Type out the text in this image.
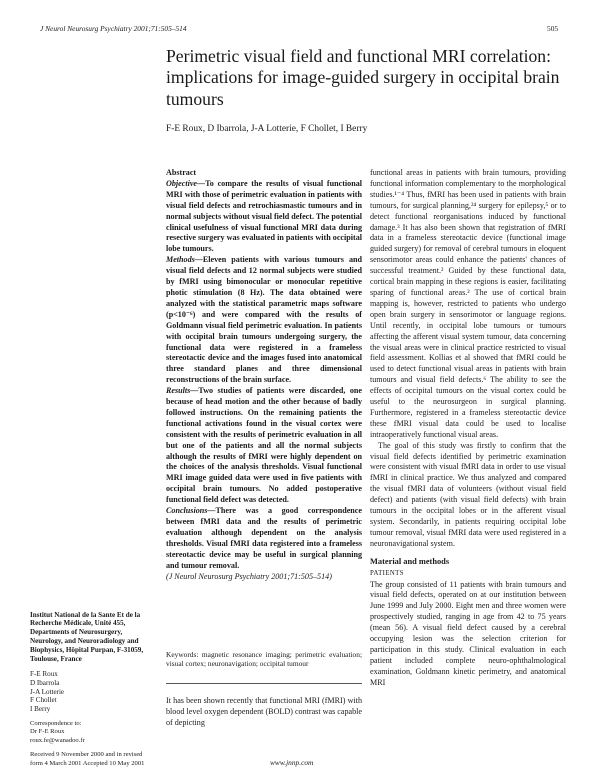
J Neurol Neurosurg Psychiatry 2001;71:505–514	505
Perimetric visual field and functional MRI correlation: implications for image-guided surgery in occipital brain tumours
F-E Roux, D Ibarrola, J-A Lotterie, F Chollet, I Berry
Institut National de la Sante Et de la Recherche Médicale, Unité 455, Departments of Neurosurgery, Neurology, and Neuroradiology and Biophysics, Hôpital Purpan, F-31059, Toulouse, France
F-E Roux
D Ibarrola
J-A Lotterie
F Chollet
I Berry
Correspondence to:
Dr F-E Roux
roux.fe@wanadoo.fr
Received 9 November 2000 and in revised form 4 March 2001 Accepted 10 May 2001
Abstract
Objective—To compare the results of visual functional MRI with those of perimetric evaluation in patients with visual field defects and retrochiasmastic tumours and in normal subjects without visual field defect. The potential clinical usefulness of visual functional MRI data during resective surgery was evaluated in patients with occipital lobe tumours.
Methods—Eleven patients with various tumours and visual field defects and 12 normal subjects were studied by fMRI using bimonocular or monocular repetitive photic stimulation (8 Hz). The data obtained were analyzed with the statistical parametric maps software (p<10⁻⁶) and were compared with the results of Goldmann visual field perimetric evaluation. In patients with occipital brain tumours undergoing surgery, the functional data were registered in a frameless stereotactic device and the images fused into anatomical three standard planes and three dimensional reconstructions of the brain surface.
Results—Two studies of patients were discarded, one because of head motion and the other because of badly followed instructions. On the remaining patients the functional activations found in the visual cortex were consistent with the results of perimetric evaluation in all but one of the patients and all the normal subjects although the results of fMRI were highly dependent on the choices of the analysis thresholds. Visual functional MRI image guided data were used in five patients with occipital brain tumours. No added postoperative functional field defect was detected.
Conclusions—There was a good correspondence between fMRI data and the results of perimetric evaluation although dependent on the analysis thresholds. Visual fMRI data registered into a frameless stereotactic device may be useful in surgical planning and tumour removal.
(J Neurol Neurosurg Psychiatry 2001;71:505–514)
Keywords: magnetic resonance imaging; perimetric evaluation; visual cortex; neuronavigation; occipital tumour
It has been shown recently that functional MRI (fMRI) with blood level oxygen dependent (BOLD) contrast was capable of depicting

functional areas in patients with brain tumours, providing functional information complementary to the morphological studies.¹⁻⁴ Thus, fMRI has been used in patients with brain tumours, for surgical planning,²⁴ surgery for epilepsy,⁵ or to detect functional reorganisations induced by functional damage.³ It has also been shown that registration of fMRI data in a frameless stereotactic device (functional image guided surgery) for removal of cerebral tumours in eloquent sensorimotor areas could enhance the patients' chances of successful treatment.² Guided by these functional data, cortical brain mapping in these regions is easier, facilitating sparing of functional areas.² The use of cortical brain mapping is, however, restricted to patients who undergo open brain surgery in sensorimotor or language regions. Until recently, in occipital lobe tumours or tumours affecting the afferent visual system tumour, data concerning the visual areas were in clinical practice restricted to visual field assessment. Kollias et al showed that fMRI could be used to detect functional visual areas in patients with brain tumours and visual field defects.⁶ The ability to see the effects of occipital tumours on the visual cortex could be useful to the neurosurgeon in surgical planning. Furthermore, registered in a frameless stereotactic device these fMRI visual data could be used to localise intraoperatively functional visual areas.

The goal of this study was firstly to confirm that the visual field defects identified by perimetric examination were consistent with visual fMRI data in order to use visual fMRI in clinical practice. We thus analyzed and compared the visual fMRI data of volunteers (without visual field defect) and patients (with visual field defects) with brain tumours in the occipital lobes or in the afferent visual system. Secondarily, in patients requiring occipital lobe tumour removal, visual fMRI data were used registered in a neuronavigational system.

Material and methods
PATIENTS

The group consisted of 11 patients with brain tumours and visual field defects, operated on at our institution between June 1999 and July 2000. Eight men and three women were prospectively studied, ranging in age from 42 to 75 years (mean 56). A visual field defect caused by a cerebral occupying lesion was the selection criterion for participation in this study. Clinical evaluation in each patient included complete neuro-ophthalmological examination, Goldmann kinetic perimetry, and anatomical MRI

www.jnnp.com
